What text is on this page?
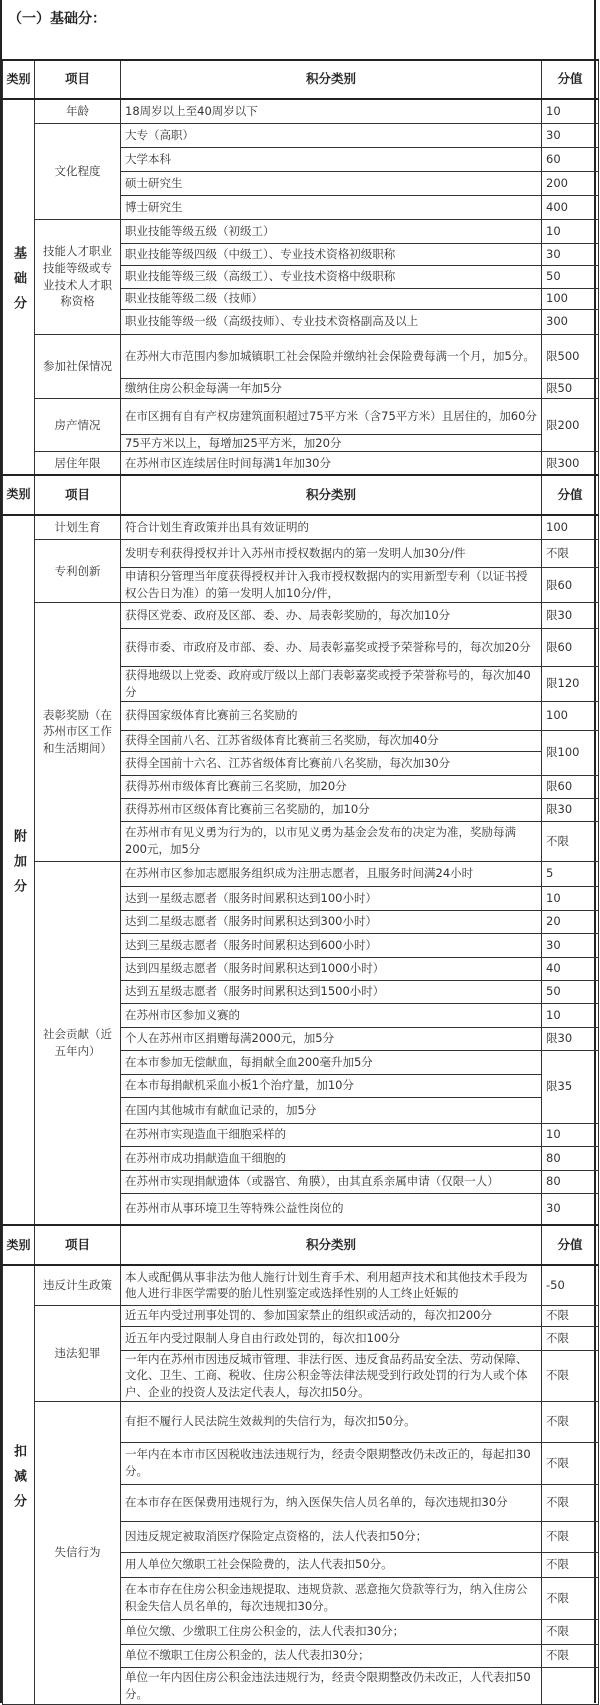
（一）基础分：
类别	项目	积分类别	分值
基础分	年龄	18周岁以上至40周岁以下	10
	文化程度	大专（高职）	30
		大学本科	60
		硕士研究生	200
		博士研究生	400
	技能人才职业技能等级或专业技术人才职称资格	职业技能等级五级（初级工）	10
		职业技能等级四级（中级工）、专业技术资格初级职称	30
		职业技能等级三级（高级工）、专业技术资格中级职称	50
		职业技能等级二级（技师）	100
		职业技能等级一级（高级技师）、专业技术资格副高及以上	300
	参加社保情况	在苏州大市范围内参加城镇职工社会保险并缴纳社会保险费每满一个月，加5分。	限500
		缴纳住房公积金每满一年加5分	限50
	房产情况	在市区拥有自有产权房建筑面积超过75平方米（含75平方米）且居住的，加60分	限200
		75平方米以上，每增加25平方米，加20分	
	居住年限	在苏州市区连续居住时间每满1年加30分	限300
类别	项目	积分类别	分值
附加分	计划生育	符合计划生育政策并出具有效证明的	100
	专利创新	发明专利获得授权并计入苏州市授权数据内的第一发明人加30分/件	不限
		申请积分管理当年度获得授权并计入我市授权数据内的实用新型专利（以证书授权公告日为准）的第一发明人加10分/件，	限60
	表彰奖励（在苏州市区工作和生活期间）	获得区党委、政府及区部、委、办、局表彰奖励的，每次加10分	限30
		获得市委、市政府及市部、委、办、局表彰嘉奖或授予荣誉称号的，每次加20分	限60
		获得地级以上党委、政府或厅级以上部门表彰嘉奖或授予荣誉称号的，每次加40分	限120
		获得国家级体育比赛前三名奖励的	100
		获得全国前八名、江苏省级体育比赛前三名奖励，每次加40分	限100
		获得全国前十六名、江苏省级体育比赛前八名奖励，每次加30分	
		获得苏州市级体育比赛前三名奖励，加20分	限60
		获得苏州市区级体育比赛前三名奖励的，加10分	限30
		在苏州市有见义勇为行为的，以市见义勇为基金会发布的决定为准，奖励每满200元，加5分	不限
	社会贡献（近五年内）	在苏州市区参加志愿服务组织成为注册志愿者，且服务时间满24小时	5
		达到一星级志愿者（服务时间累积达到100小时）	10
		达到二星级志愿者（服务时间累积达到300小时）	20
		达到三星级志愿者（服务时间累积达到600小时）	30
		达到四星级志愿者（服务时间累积达到1000小时）	40
		达到五星级志愿者（服务时间累积达到1500小时）	50
		在苏州市区参加义赛的	10
		个人在苏州市区捐赠每满2000元，加5分	限30
		在本市参加无偿献血，每捐献全血200毫升加5分	限35
		在本市每捐献机采血小板1个治疗量，加10分	
		在国内其他城市有献血记录的，加5分	
		在苏州市实现造血干细胞采样的	10
		在苏州市成功捐献造血干细胞的	80
		在苏州市实现捐献遗体（或器官、角膜），由其直系亲属申请（仅限一人）	80
		在苏州市从事环境卫生等特殊公益性岗位的	30
类别	项目	积分类别	分值
扣减分	违反计生政策	本人或配偶从事非法为他人施行计划生育手术、利用超声技术和其他技术手段为他人进行非医学需要的胎儿性别鉴定或选择性别的人工终止妊娠的	-50
	违法犯罪	近五年内受过刑事处罚的、参加国家禁止的组织或活动的，每次扣200分	不限
		近五年内受过限制人身自由行政处罚的，每次扣100分	不限
		一年内在苏州市因违反城市管理、非法行医、违反食品药品安全法、劳动保障、文化、卫生、工商、税收、住房公积金等法律法规受到行政处罚的行为人或个体户、企业的投资人及法定代表人，每次扣50分。	不限
	失信行为	有拒不履行人民法院生效裁判的失信行为，每次扣50分。	不限
		一年内在本市市区因税收违法违规行为，经责令限期整改仍未改正的，每起扣30分。	不限
		在本市存在医保费用违规行为，纳入医保失信人员名单的，每次违规扣30分	不限
		因违反规定被取消医疗保险定点资格的，法人代表扣50分；	不限
		用人单位欠缴职工社会保险费的，法人代表扣50分。	不限
		在本市存在住房公积金违规提取、违规贷款、恶意拖欠贷款等行为，纳入住房公积金失信人员名单的，每次违规扣30分。	不限
		单位欠缴、少缴职工住房公积金的，法人代表扣30分；	不限
		单位不缴职工住房公积金的，法人代表扣30分；	不限
		单位一年内因住房公积金违法违规行为，经责令限期整改仍未改正，人代表扣50分。	
